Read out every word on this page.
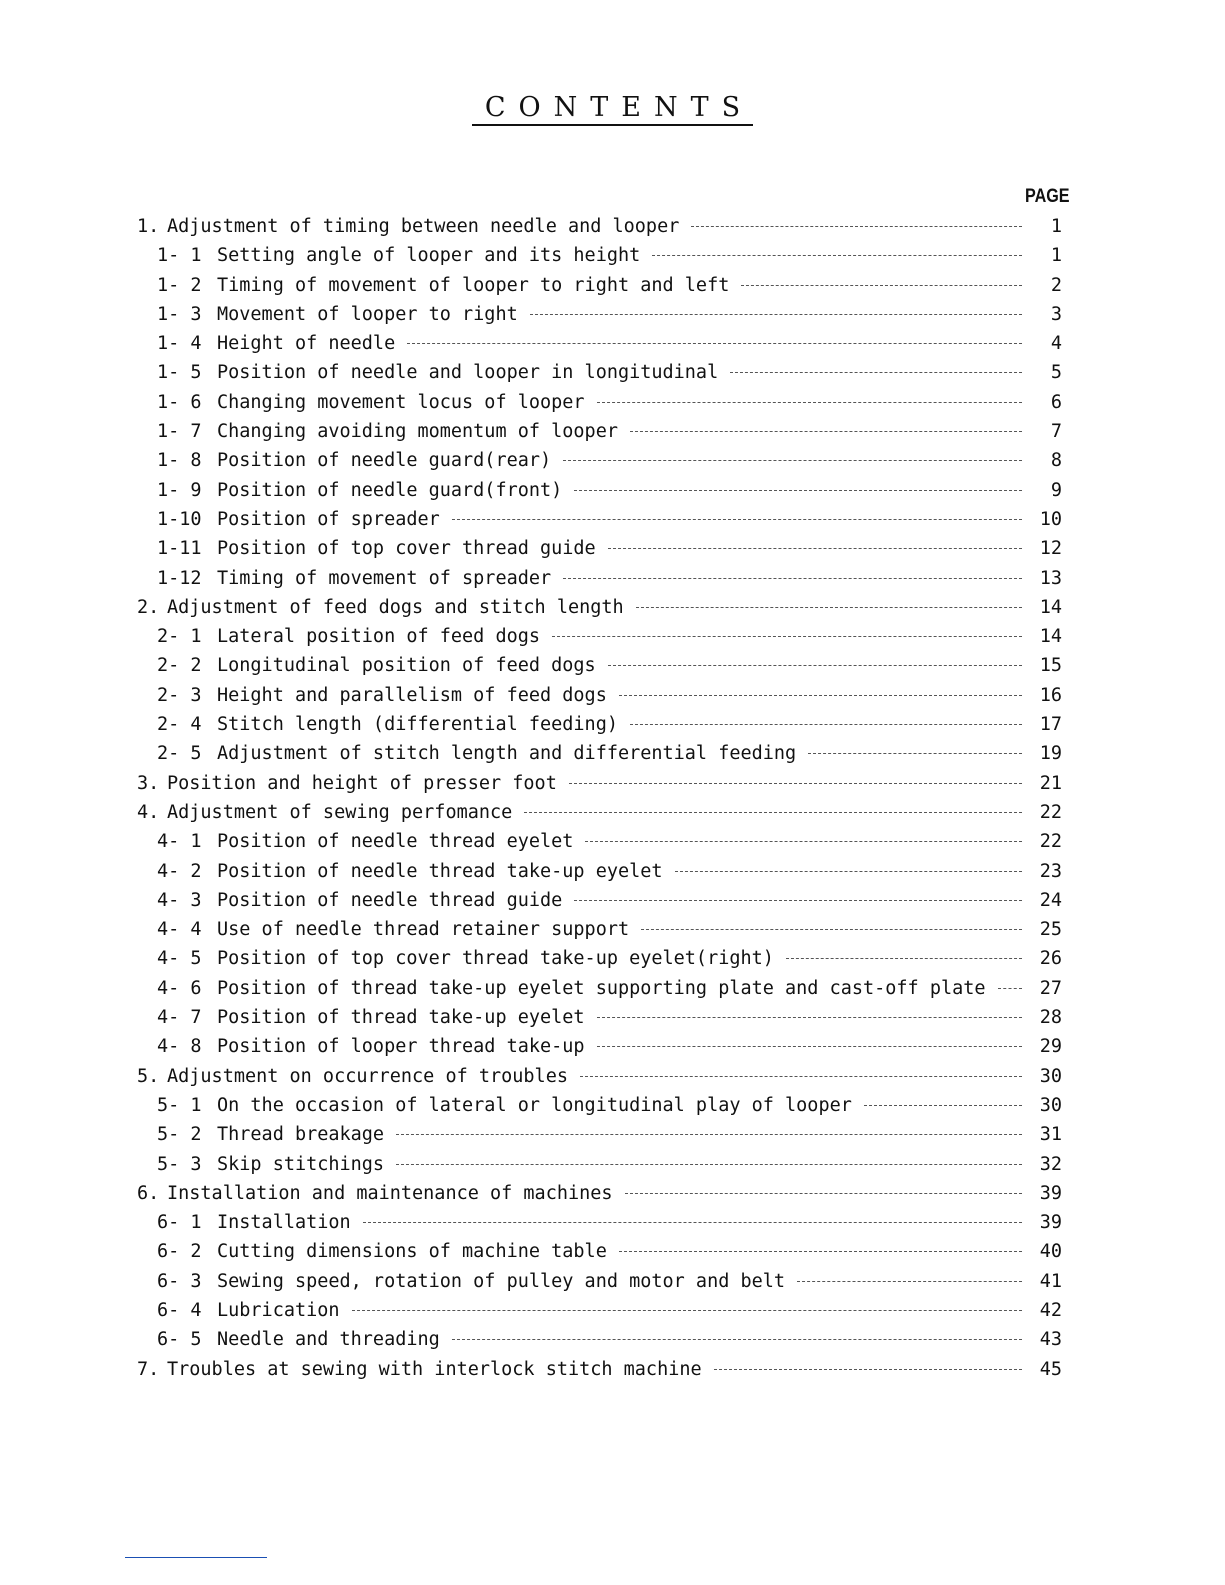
CONTENTS
PAGE
1. Adjustment of timing between needle and looper	1
1- 1 Setting angle of looper and its height	1
1- 2 Timing of movement of looper to right and left	2
1- 3 Movement of looper to right	3
1- 4 Height of needle	4
1- 5 Position of needle and looper in longitudinal	5
1- 6 Changing movement locus of looper	6
1- 7 Changing avoiding momentum of looper	7
1- 8 Position of needle guard(rear)	8
1- 9 Position of needle guard(front)	9
1-10 Position of spreader	10
1-11 Position of top cover thread guide	12
1-12 Timing of movement of spreader	13
2. Adjustment of feed dogs and stitch length	14
2- 1 Lateral position of feed dogs	14
2- 2 Longitudinal position of feed dogs	15
2- 3 Height and parallelism of feed dogs	16
2- 4 Stitch length (differential feeding)	17
2- 5 Adjustment of stitch length and differential feeding	19
3. Position and height of presser foot	21
4. Adjustment of sewing perfomance	22
4- 1 Position of needle thread eyelet	22
4- 2 Position of needle thread take-up eyelet	23
4- 3 Position of needle thread guide	24
4- 4 Use of needle thread retainer support	25
4- 5 Position of top cover thread take-up eyelet(right)	26
4- 6 Position of thread take-up eyelet supporting plate and cast-off plate	27
4- 7 Position of thread take-up eyelet	28
4- 8 Position of looper thread take-up	29
5. Adjustment on occurrence of troubles	30
5- 1 On the occasion of lateral or longitudinal play of looper	30
5- 2 Thread breakage	31
5- 3 Skip stitchings	32
6. Installation and maintenance of machines	39
6- 1 Installation	39
6- 2 Cutting dimensions of machine table	40
6- 3 Sewing speed, rotation of pulley and motor and belt	41
6- 4 Lubrication	42
6- 5 Needle and threading	43
7. Troubles at sewing with interlock stitch machine	45
